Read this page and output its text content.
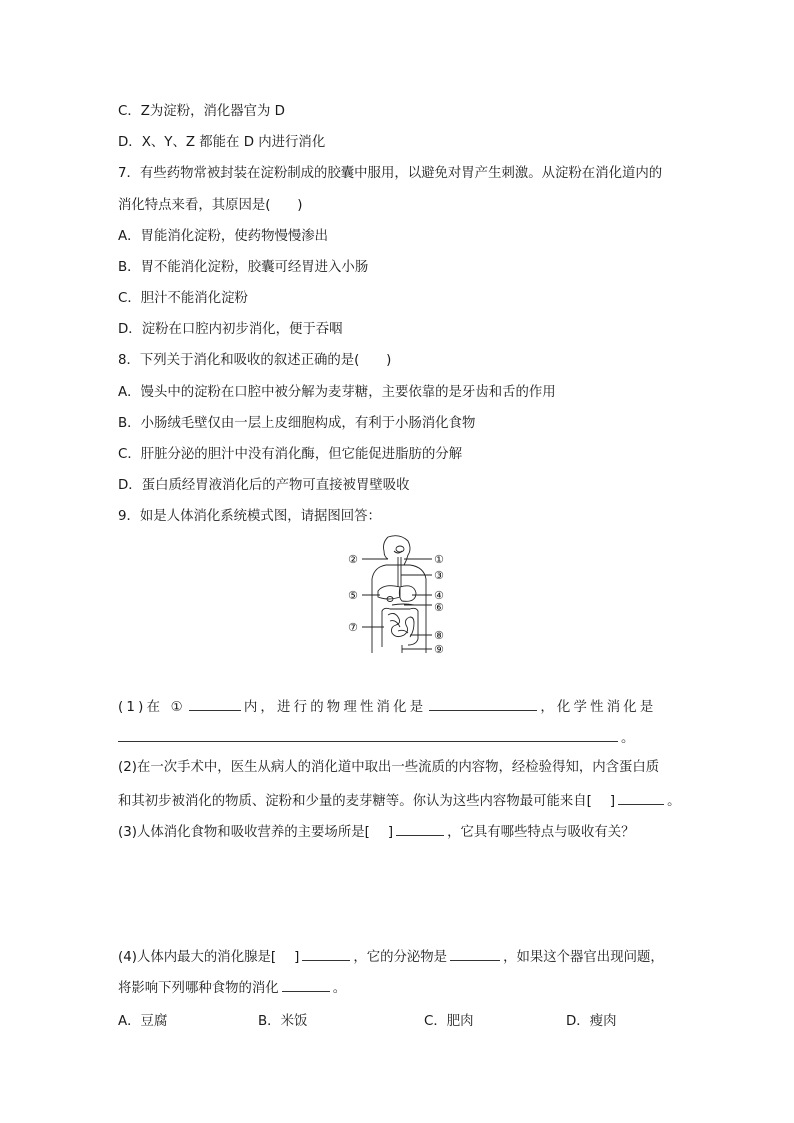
C．Z为淀粉，消化器官为 D
D．X、Y、Z 都能在 D 内进行消化
7．有些药物常被封装在淀粉制成的胶囊中服用，以避免对胃产生刺激。从淀粉在消化道内的
消化特点来看，其原因是(　　)
A．胃能消化淀粉，使药物慢慢渗出
B．胃不能消化淀粉，胶囊可经胃进入小肠
C．胆汁不能消化淀粉
D．淀粉在口腔内初步消化，便于吞咽
8．下列关于消化和吸收的叙述正确的是(　　)
A．馒头中的淀粉在口腔中被分解为麦芽糖，主要依靠的是牙齿和舌的作用
B．小肠绒毛壁仅由一层上皮细胞构成，有利于小肠消化食物
C．肝脏分泌的胆汁中没有消化酶，但它能促进脂肪的分解
D．蛋白质经胃液消化后的产物可直接被胃壁吸收
9．如是人体消化系统模式图，请据图回答：
②
⑤
⑦
①
③
④
⑥
⑧
⑨
(1)在 ①	内，进行的物理性消化是	，化学性消化是
。
(2)在一次手术中，医生从病人的消化道中取出一些流质的内容物，经检验得知，内含蛋白质
和其初步被消化的物质、淀粉和少量的麦芽糖等。你认为这些内容物最可能来自[ ]	。
(3)人体消化食物和吸收营养的主要场所是[ ]	，它具有哪些特点与吸收有关？
(4)人体内最大的消化腺是[ ]	，它的分泌物是	，如果这个器官出现问题，
将影响下列哪种食物的消化	。
A．豆腐	B．米饭	C．肥肉	D．瘦肉
